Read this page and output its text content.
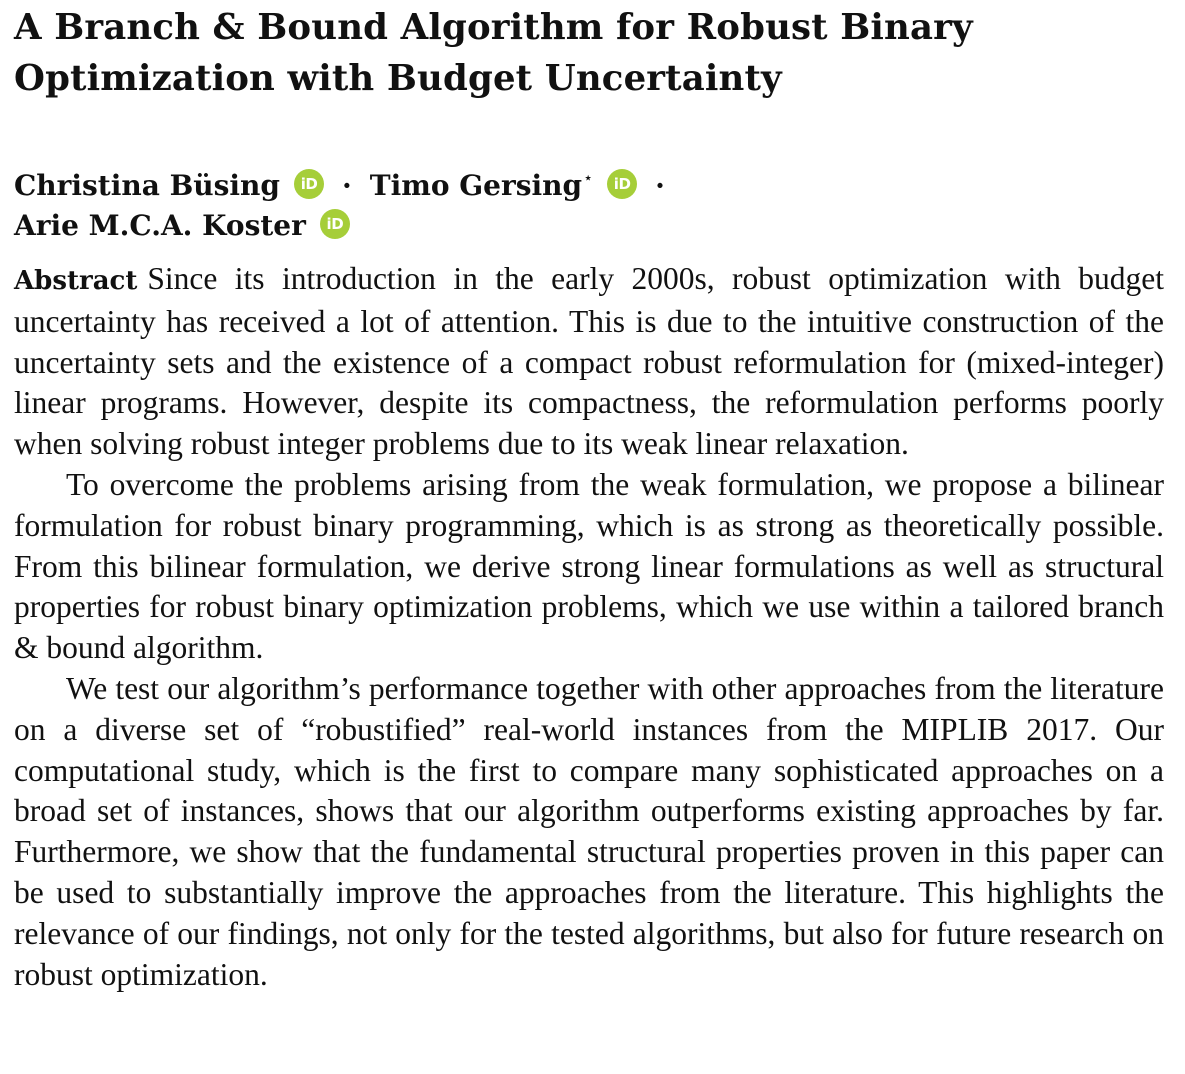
A Branch & Bound Algorithm for Robust Binary
Optimization with Budget Uncertainty
Christina Büsing iD · Timo Gersing⋆ iD ·
Arie M.C.A. Koster iD

Abstract Since its introduction in the early 2000s, robust optimization with budget uncertainty has received a lot of attention. This is due to the intuitive construction of the uncertainty sets and the existence of a compact robust reformulation for (mixed-integer) linear programs. However, despite its compactness, the reformulation performs poorly when solving robust integer problems due to its weak linear relaxation.

To overcome the problems arising from the weak formulation, we propose a bilinear formulation for robust binary programming, which is as strong as theoretically possible. From this bilinear formulation, we derive strong linear formulations as well as structural properties for robust binary optimization problems, which we use within a tailored branch & bound algorithm.

We test our algorithm’s performance together with other approaches from the literature on a diverse set of “robustified” real-world instances from the MIPLIB 2017. Our computational study, which is the first to compare many sophisticated approaches on a broad set of instances, shows that our algorithm outperforms existing approaches by far. Furthermore, we show that the fundamental structural properties proven in this paper can be used to substantially improve the approaches from the literature. This highlights the relevance of our findings, not only for the tested algorithms, but also for future research on robust optimization.
